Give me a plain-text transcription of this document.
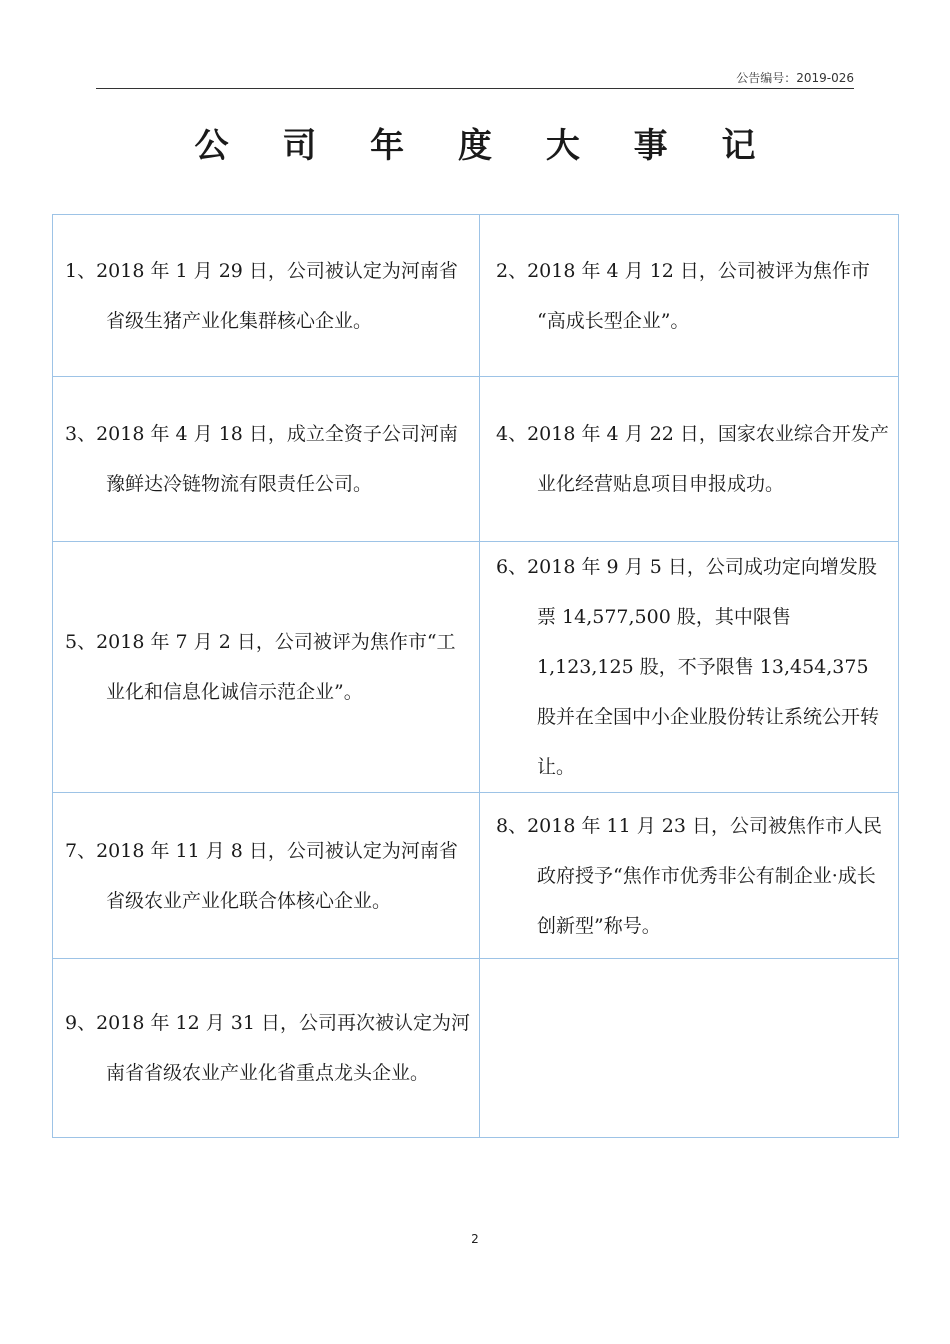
公告编号：2019-026
公 司 年 度 大 事 记
1、2018 年 1 月 29 日，公司被认定为河南省省级生猪产业化集群核心企业。	2、2018 年 4 月 12 日，公司被评为焦作市 “高成长型企业”。

3、2018 年 4 月 18 日，成立全资子公司河南豫鲜达冷链物流有限责任公司。	4、2018 年 4 月 22 日，国家农业综合开发产业化经营贴息项目申报成功。

5、2018 年 7 月 2 日，公司被评为焦作市“工业化和信息化诚信示范企业”。	6、2018 年 9 月 5 日，公司成功定向增发股票 14,577,500 股，其中限售 1,123,125 股，不予限售 13,454,375 股并在全国中小企业股份转让系统公开转让。

7、2018 年 11 月 8 日，公司被认定为河南省省级农业产业化联合体核心企业。	8、2018 年 11 月 23 日，公司被焦作市人民政府授予“焦作市优秀非公有制企业·成长创新型”称号。

9、2018 年 12 月 31 日，公司再次被认定为河南省省级农业产业化省重点龙头企业。	

2
